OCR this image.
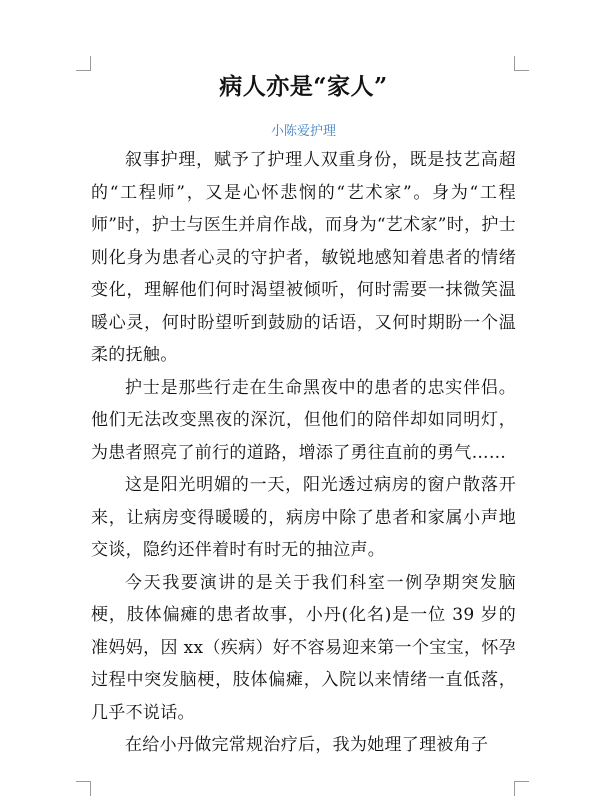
病人亦是“家人”
小陈爱护理

叙事护理，赋予了护理人双重身份，既是技艺高超的“工程师”，又是心怀悲悯的“艺术家”。身为“工程师”时，护士与医生并肩作战，而身为“艺术家”时，护士则化身为患者心灵的守护者，敏锐地感知着患者的情绪变化，理解他们何时渴望被倾听，何时需要一抹微笑温暖心灵，何时盼望听到鼓励的话语，又何时期盼一个温柔的抚触。

护士是那些行走在生命黑夜中的患者的忠实伴侣。他们无法改变黑夜的深沉，但他们的陪伴却如同明灯，为患者照亮了前行的道路，增添了勇往直前的勇气……

这是阳光明媚的一天，阳光透过病房的窗户散落开来，让病房变得暖暖的，病房中除了患者和家属小声地交谈，隐约还伴着时有时无的抽泣声。

今天我要演讲的是关于我们科室一例孕期突发脑梗，肢体偏瘫的患者故事，小丹(化名)是一位 39 岁的准妈妈，因 xx（疾病）好不容易迎来第一个宝宝，怀孕过程中突发脑梗，肢体偏瘫，入院以来情绪一直低落，几乎不说话。

在给小丹做完常规治疗后，我为她理了理被角子
